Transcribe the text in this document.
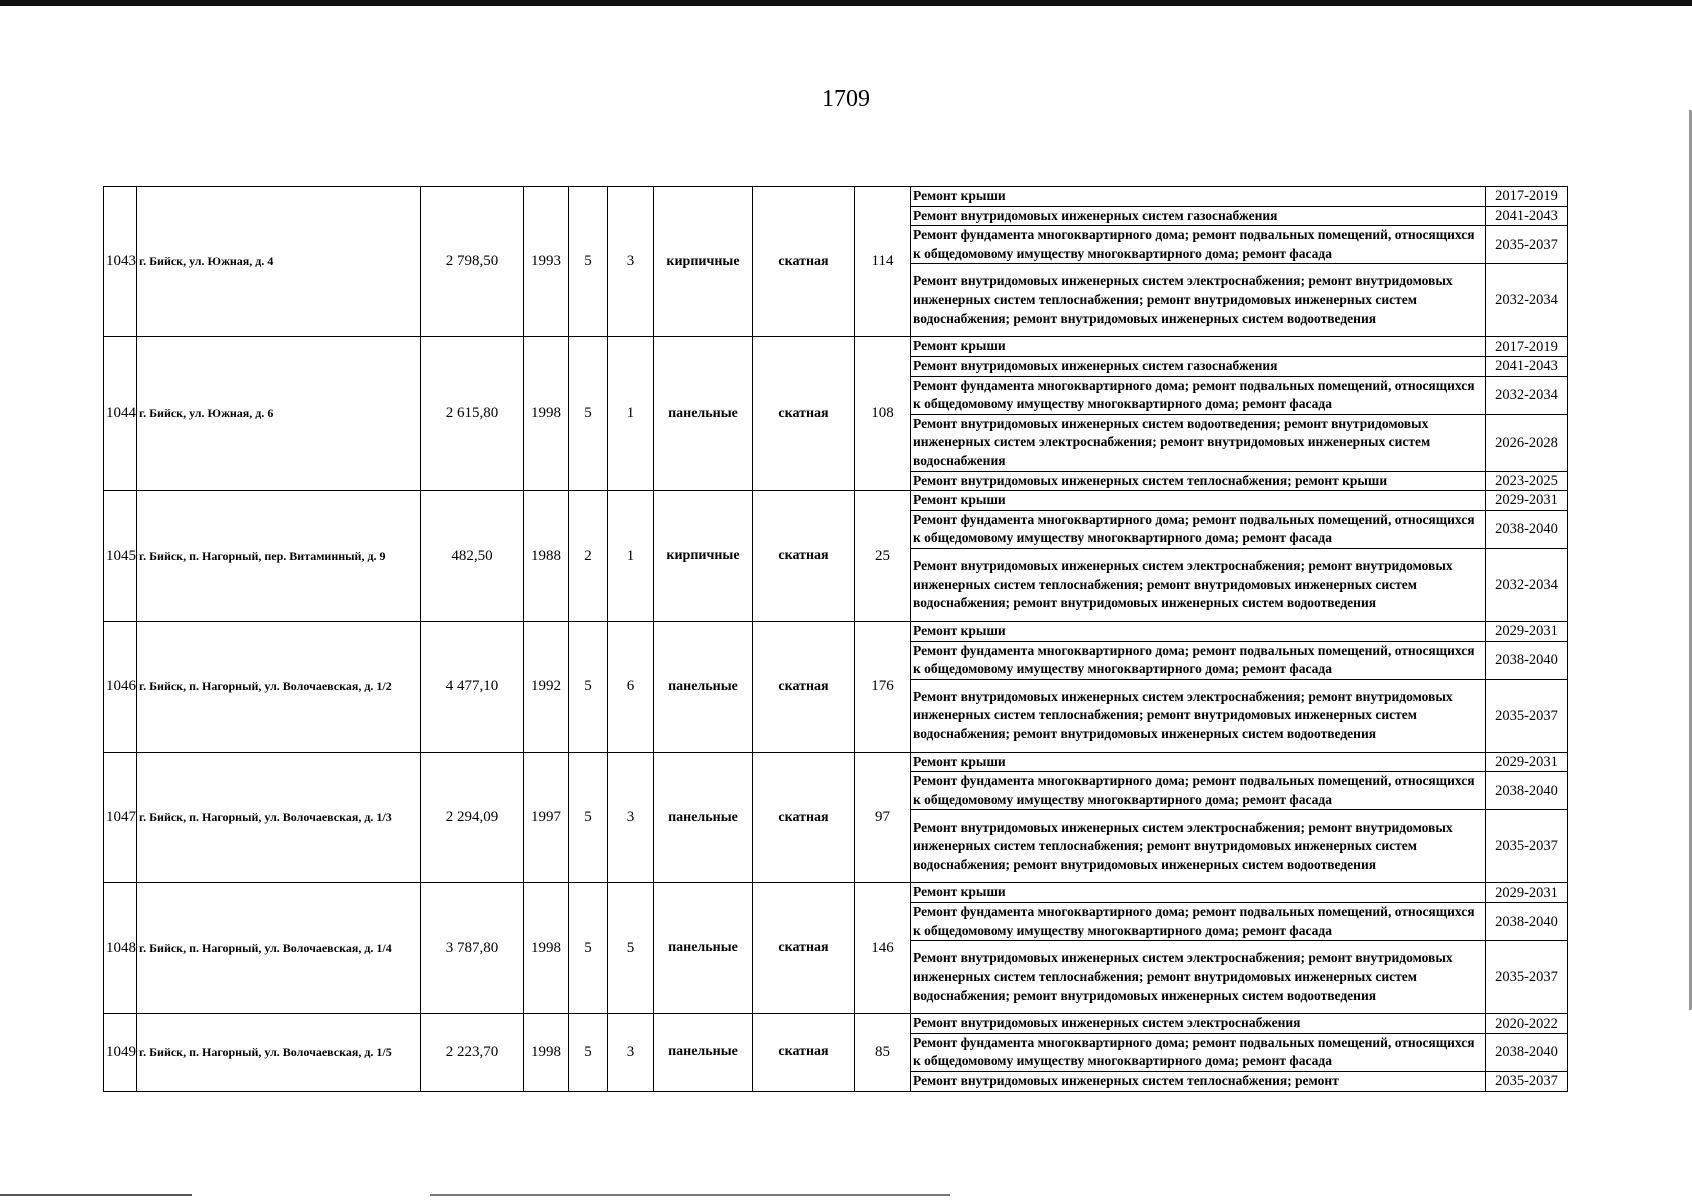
1709
1043	г. Бийск, ул. Южная, д. 4	2 798,50	1993	5	3	кирпичные	скатная	114	Ремонт крыши	2017-2019
									Ремонт внутридомовых инженерных систем газоснабжения	2041-2043
									Ремонт фундамента многоквартирного дома; ремонт подвальных помещений, относящихся к общедомовому имуществу многоквартирного дома; ремонт фасада	2035-2037
									Ремонт внутридомовых инженерных систем электроснабжения; ремонт внутридомовых инженерных систем теплоснабжения; ремонт внутридомовых инженерных систем водоснабжения; ремонт внутридомовых инженерных систем водоотведения	2032-2034
1044	г. Бийск, ул. Южная, д. 6	2 615,80	1998	5	1	панельные	скатная	108	Ремонт крыши	2017-2019
									Ремонт внутридомовых инженерных систем газоснабжения	2041-2043
									Ремонт фундамента многоквартирного дома; ремонт подвальных помещений, относящихся к общедомовому имуществу многоквартирного дома; ремонт фасада	2032-2034
									Ремонт внутридомовых инженерных систем водоотведения; ремонт внутридомовых инженерных систем электроснабжения; ремонт внутридомовых инженерных систем водоснабжения	2026-2028
									Ремонт внутридомовых инженерных систем теплоснабжения; ремонт крыши	2023-2025
1045	г. Бийск, п. Нагорный, пер. Витаминный, д. 9	482,50	1988	2	1	кирпичные	скатная	25	Ремонт крыши	2029-2031
									Ремонт фундамента многоквартирного дома; ремонт подвальных помещений, относящихся к общедомовому имуществу многоквартирного дома; ремонт фасада	2038-2040
									Ремонт внутридомовых инженерных систем электроснабжения; ремонт внутридомовых инженерных систем теплоснабжения; ремонт внутридомовых инженерных систем водоснабжения; ремонт внутридомовых инженерных систем водоотведения	2032-2034
1046	г. Бийск, п. Нагорный, ул. Волочаевская, д. 1/2	4 477,10	1992	5	6	панельные	скатная	176	Ремонт крыши	2029-2031
									Ремонт фундамента многоквартирного дома; ремонт подвальных помещений, относящихся к общедомовому имуществу многоквартирного дома; ремонт фасада	2038-2040
									Ремонт внутридомовых инженерных систем электроснабжения; ремонт внутридомовых инженерных систем теплоснабжения; ремонт внутридомовых инженерных систем водоснабжения; ремонт внутридомовых инженерных систем водоотведения	2035-2037
1047	г. Бийск, п. Нагорный, ул. Волочаевская, д. 1/3	2 294,09	1997	5	3	панельные	скатная	97	Ремонт крыши	2029-2031
									Ремонт фундамента многоквартирного дома; ремонт подвальных помещений, относящихся к общедомовому имуществу многоквартирного дома; ремонт фасада	2038-2040
									Ремонт внутридомовых инженерных систем электроснабжения; ремонт внутридомовых инженерных систем теплоснабжения; ремонт внутридомовых инженерных систем водоснабжения; ремонт внутридомовых инженерных систем водоотведения	2035-2037
1048	г. Бийск, п. Нагорный, ул. Волочаевская, д. 1/4	3 787,80	1998	5	5	панельные	скатная	146	Ремонт крыши	2029-2031
									Ремонт фундамента многоквартирного дома; ремонт подвальных помещений, относящихся к общедомовому имуществу многоквартирного дома; ремонт фасада	2038-2040
									Ремонт внутридомовых инженерных систем электроснабжения; ремонт внутридомовых инженерных систем теплоснабжения; ремонт внутридомовых инженерных систем водоснабжения; ремонт внутридомовых инженерных систем водоотведения	2035-2037
1049	г. Бийск, п. Нагорный, ул. Волочаевская, д. 1/5	2 223,70	1998	5	3	панельные	скатная	85	Ремонт внутридомовых инженерных систем электроснабжения	2020-2022
									Ремонт фундамента многоквартирного дома; ремонт подвальных помещений, относящихся к общедомовому имуществу многоквартирного дома; ремонт фасада	2038-2040
									Ремонт внутридомовых инженерных систем теплоснабжения; ремонт	2035-2037
